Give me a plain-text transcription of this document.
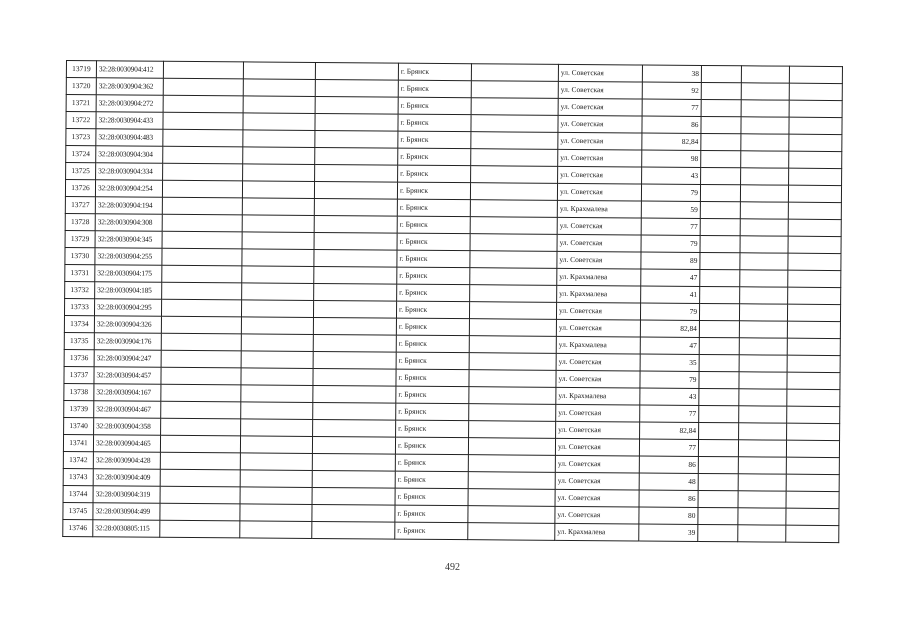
13719	32:28:0030904:412				г. Брянск		ул. Советская	38			
13720	32:28:0030904:362				г. Брянск		ул. Советская	92			
13721	32:28:0030904:272				г. Брянск		ул. Советская	77			
13722	32:28:0030904:433				г. Брянск		ул. Советская	86			
13723	32:28:0030904:483				г. Брянск		ул. Советская	82,84			
13724	32:28:0030904:304				г. Брянск		ул. Советская	98			
13725	32:28:0030904:334				г. Брянск		ул. Советская	43			
13726	32:28:0030904:254				г. Брянск		ул. Советская	79			
13727	32:28:0030904:194				г. Брянск		ул. Крахмалева	59			
13728	32:28:0030904:308				г. Брянск		ул. Советская	77			
13729	32:28:0030904:345				г. Брянск		ул. Советская	79			
13730	32:28:0030904:255				г. Брянск		ул. Советская	89			
13731	32:28:0030904:175				г. Брянск		ул. Крахмалева	47			
13732	32:28:0030904:185				г. Брянск		ул. Крахмалева	41			
13733	32:28:0030904:295				г. Брянск		ул. Советская	79			
13734	32:28:0030904:326				г. Брянск		ул. Советская	82,84			
13735	32:28:0030904:176				г. Брянск		ул. Крахмалева	47			
13736	32:28:0030904:247				г. Брянск		ул. Советская	35			
13737	32:28:0030904:457				г. Брянск		ул. Советская	79			
13738	32:28:0030904:167				г. Брянск		ул. Крахмалева	43			
13739	32:28:0030904:467				г. Брянск		ул. Советская	77			
13740	32:28:0030904:358				г. Брянск		ул. Советская	82,84			
13741	32:28:0030904:465				г. Брянск		ул. Советская	77			
13742	32:28:0030904:428				г. Брянск		ул. Советская	86			
13743	32:28:0030904:409				г. Брянск		ул. Советская	48			
13744	32:28:0030904:319				г. Брянск		ул. Советская	86			
13745	32:28:0030904:499				г. Брянск		ул. Советская	80			
13746	32:28:0030805:115				г. Брянск		ул. Крахмалева	39			
492
